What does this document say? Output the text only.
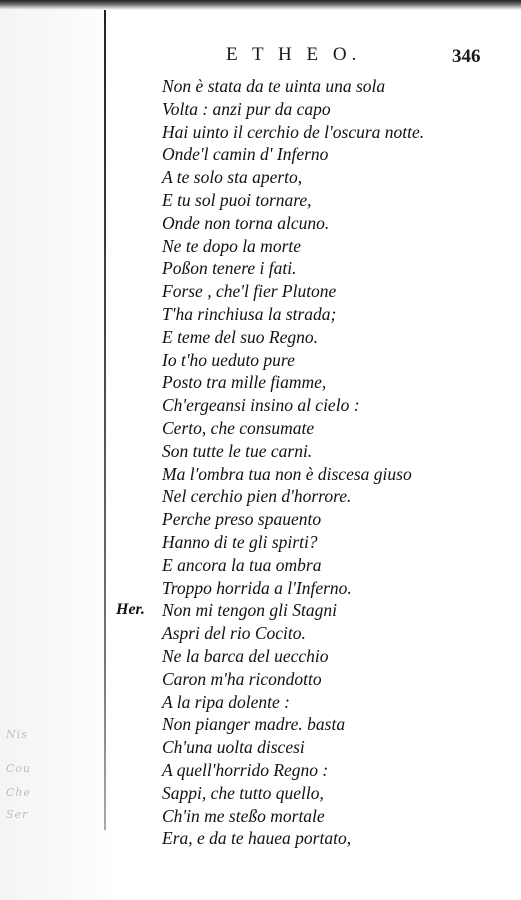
Nis
Cou
Che
Ser
E T H E O.	346
Non è stata da te uinta una sola
Volta : anzi pur da capo
Hai uinto il cerchio de l'oscura notte.
Onde'l camin d' Inferno
A te solo sta aperto,
E tu sol puoi tornare,
Onde non torna alcuno.
Ne te dopo la morte
Poßon tenere i fati.
Forse , che'l fier Plutone
T'ha rinchiusa la strada;
E teme del suo Regno.
Io t'ho ueduto pure
Posto tra mille fiamme,
Ch'ergeansi insino al cielo :
Certo, che consumate
Son tutte le tue carni.
Ma l'ombra tua non è discesa giuso
Nel cerchio pien d'horrore.
Perche preso spauento
Hanno di te gli spirti?
E ancora la tua ombra
Troppo horrida a l'Inferno.
Her. Non mi tengon gli Stagni
Aspri del rio Cocito.
Ne la barca del uecchio
Caron m'ha ricondotto
A la ripa dolente :
Non pianger madre. basta
Ch'una uolta discesi
A quell'horrido Regno :
Sappi, che tutto quello,
Ch'in me steßo mortale
Era, e da te hauea portato,
